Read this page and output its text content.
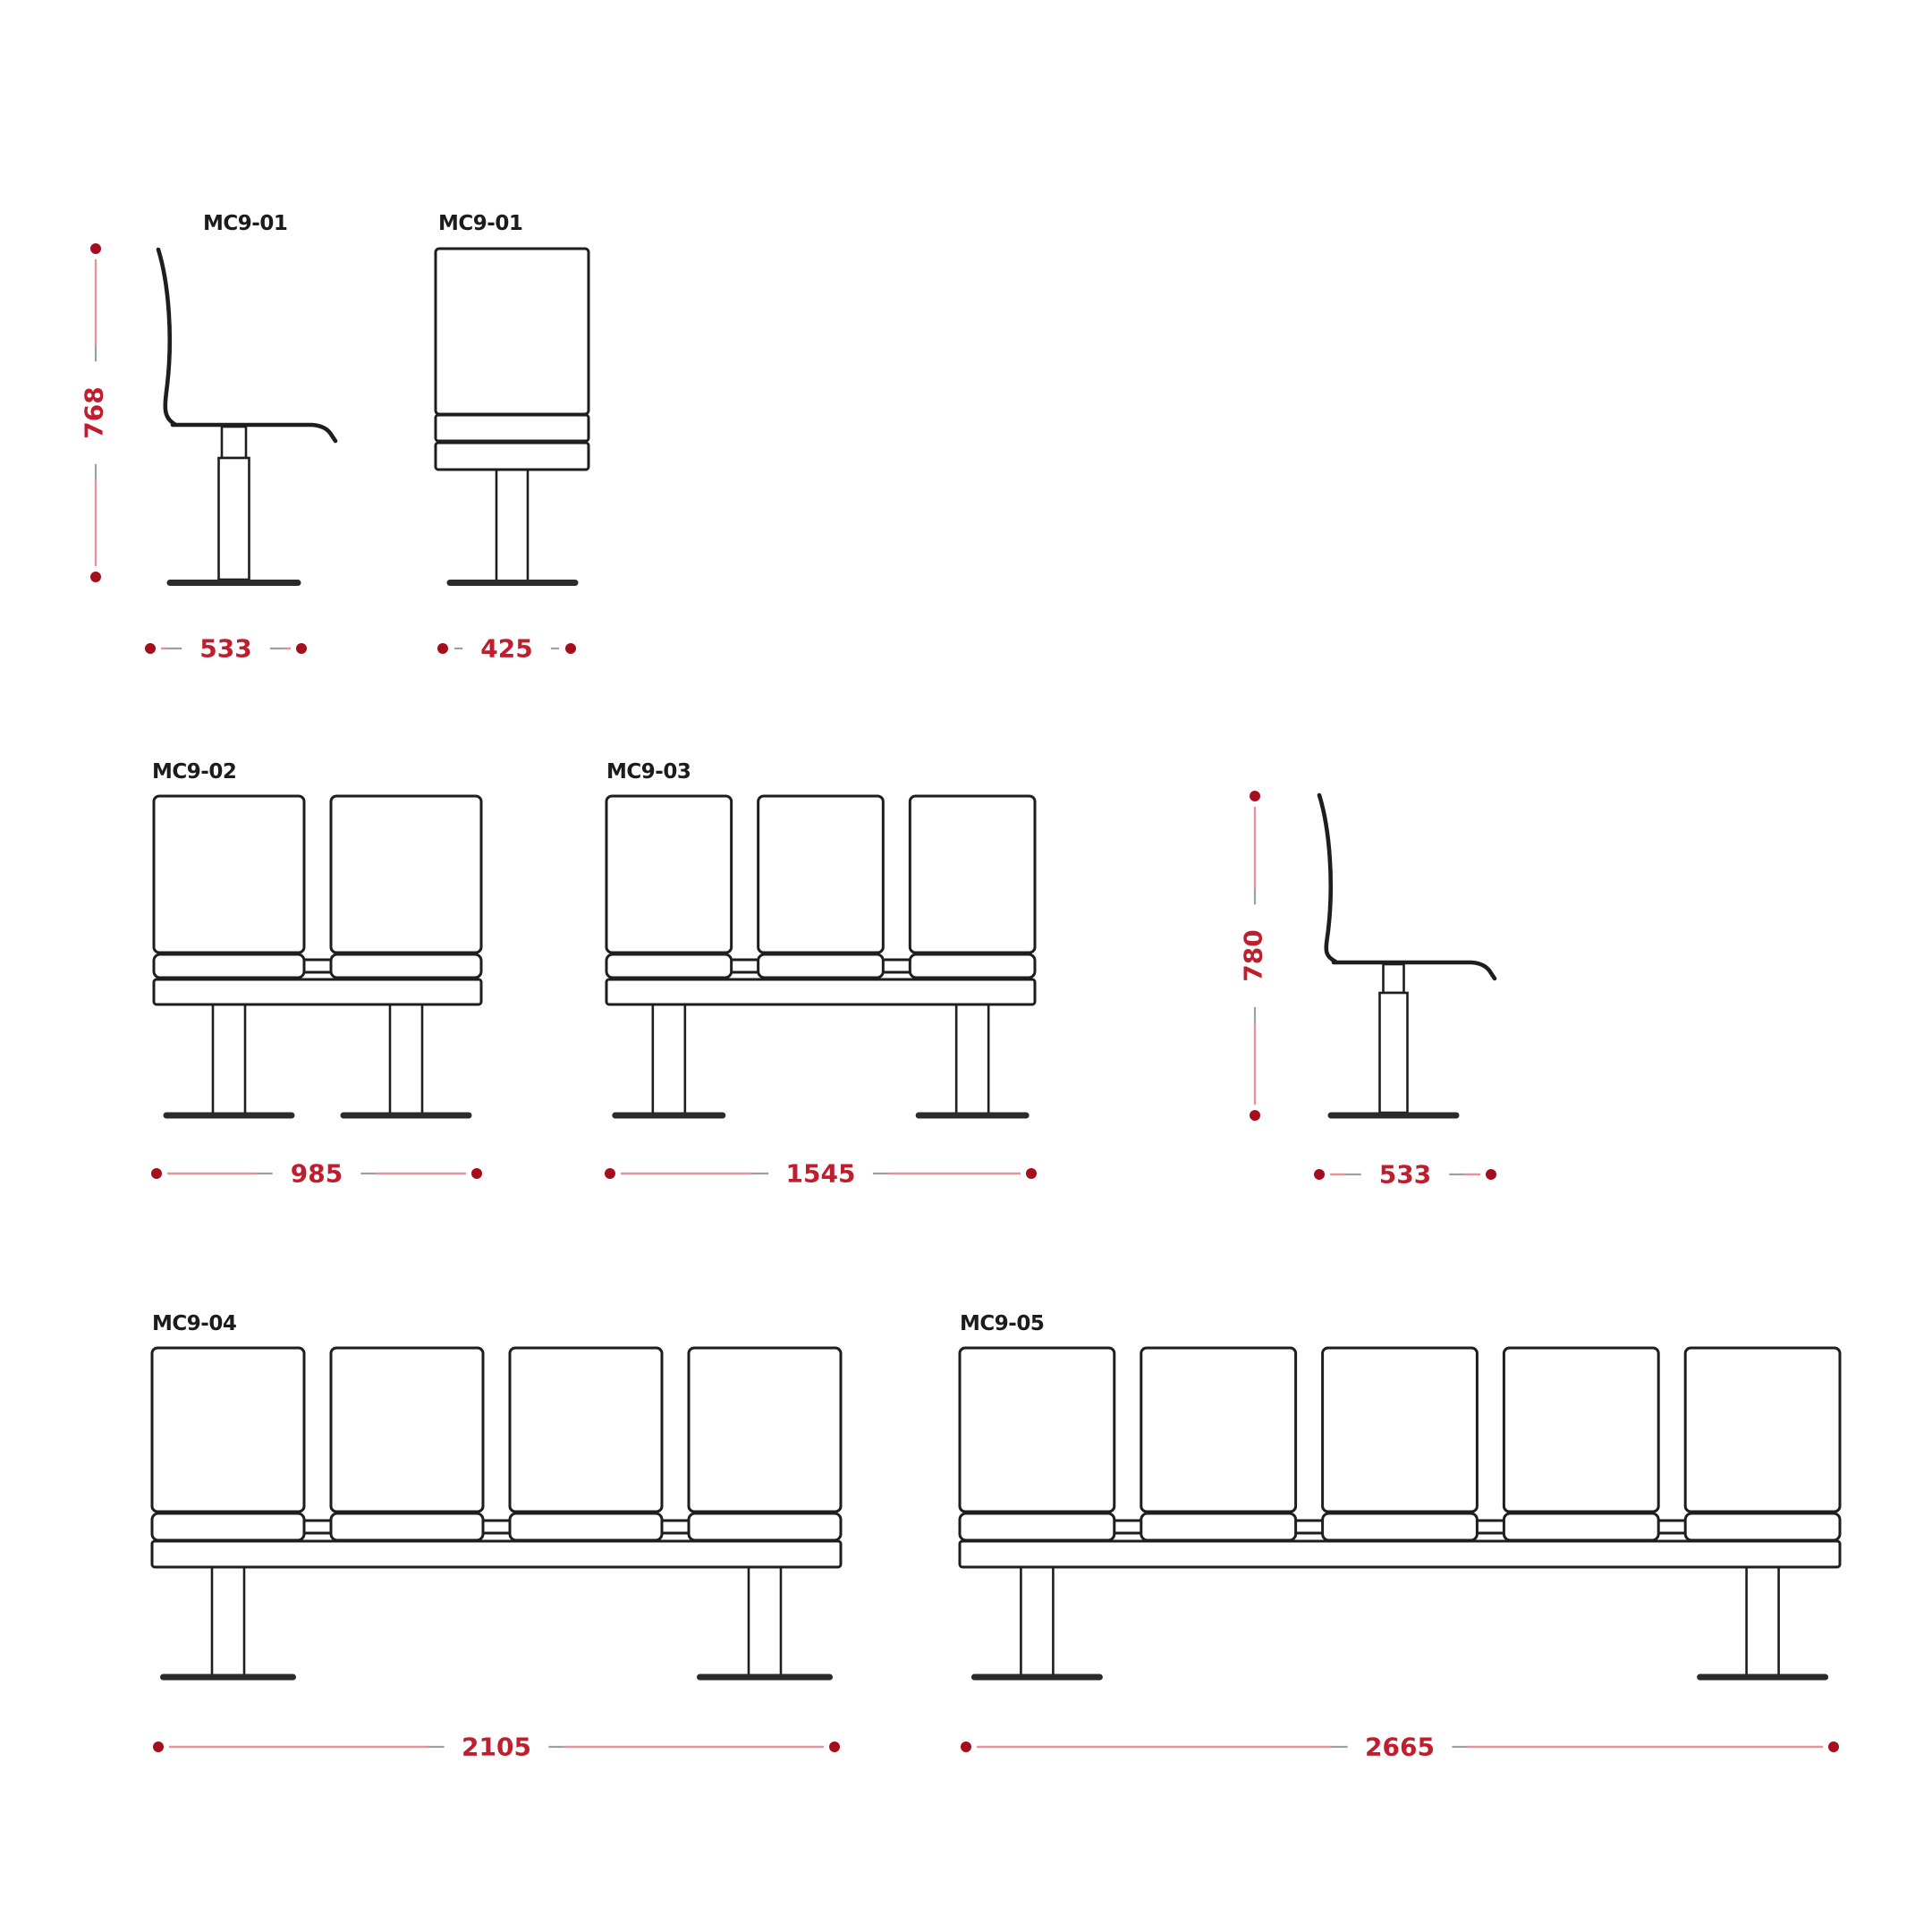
MC9-02	MC9-03
MC9-04	MC9-05
MC9-01	MC9-01
533	425
985	1545	533
2105	2665
768
780
